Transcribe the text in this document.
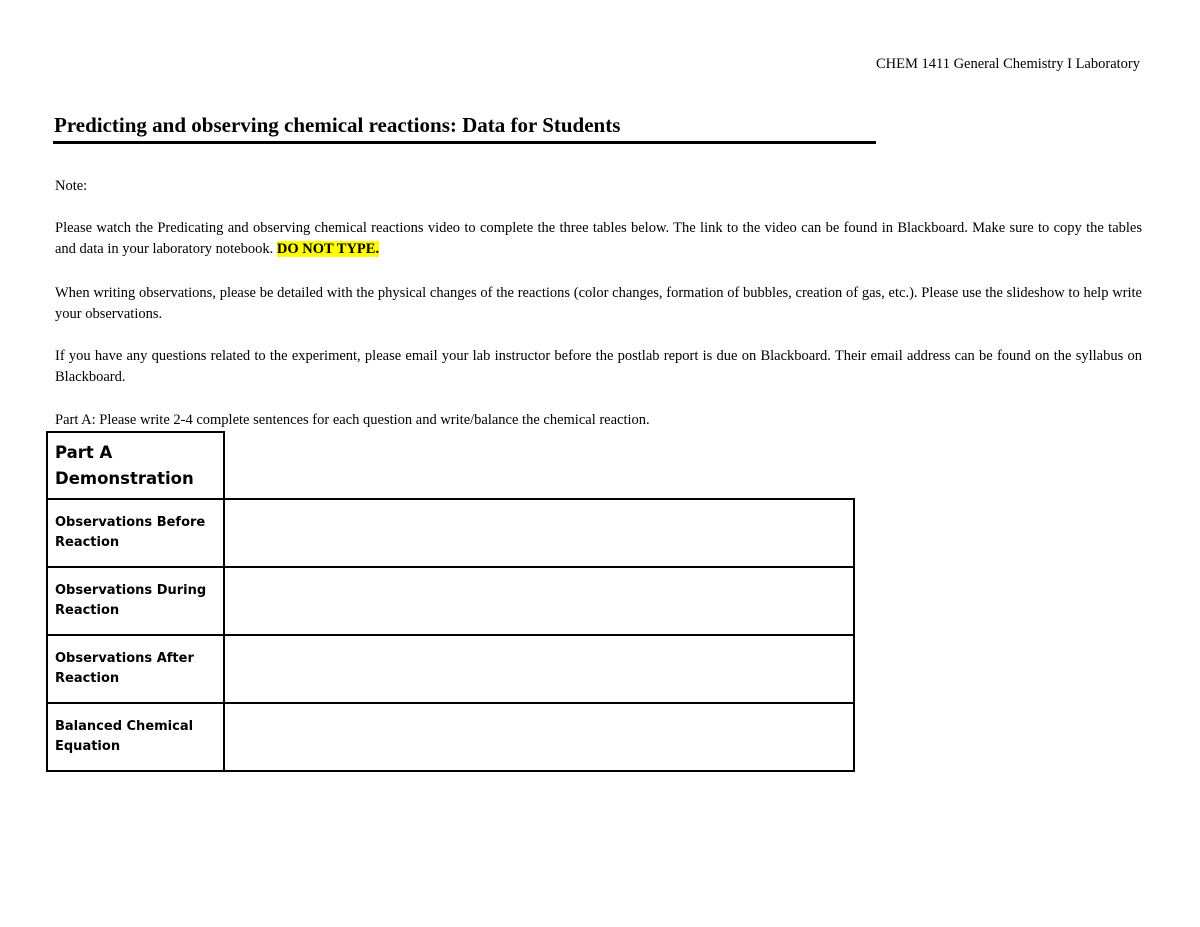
CHEM 1411 General Chemistry I Laboratory
Predicting and observing chemical reactions: Data for Students
Note:
Please watch the Predicating and observing chemical reactions video to complete the three tables below. The link to the video can be found in Blackboard. Make sure to copy the tables and data in your laboratory notebook. DO NOT TYPE.
When writing observations, please be detailed with the physical changes of the reactions (color changes, formation of bubbles, creation of gas, etc.). Please use the slideshow to help write your observations.
If you have any questions related to the experiment, please email your lab instructor before the postlab report is due on Blackboard. Their email address can be found on the syllabus on Blackboard.
Part A: Please write 2-4 complete sentences for each question and write/balance the chemical reaction.
Part A Demonstration	
Observations Before Reaction	
Observations During Reaction	
Observations After Reaction	
Balanced Chemical Equation	
